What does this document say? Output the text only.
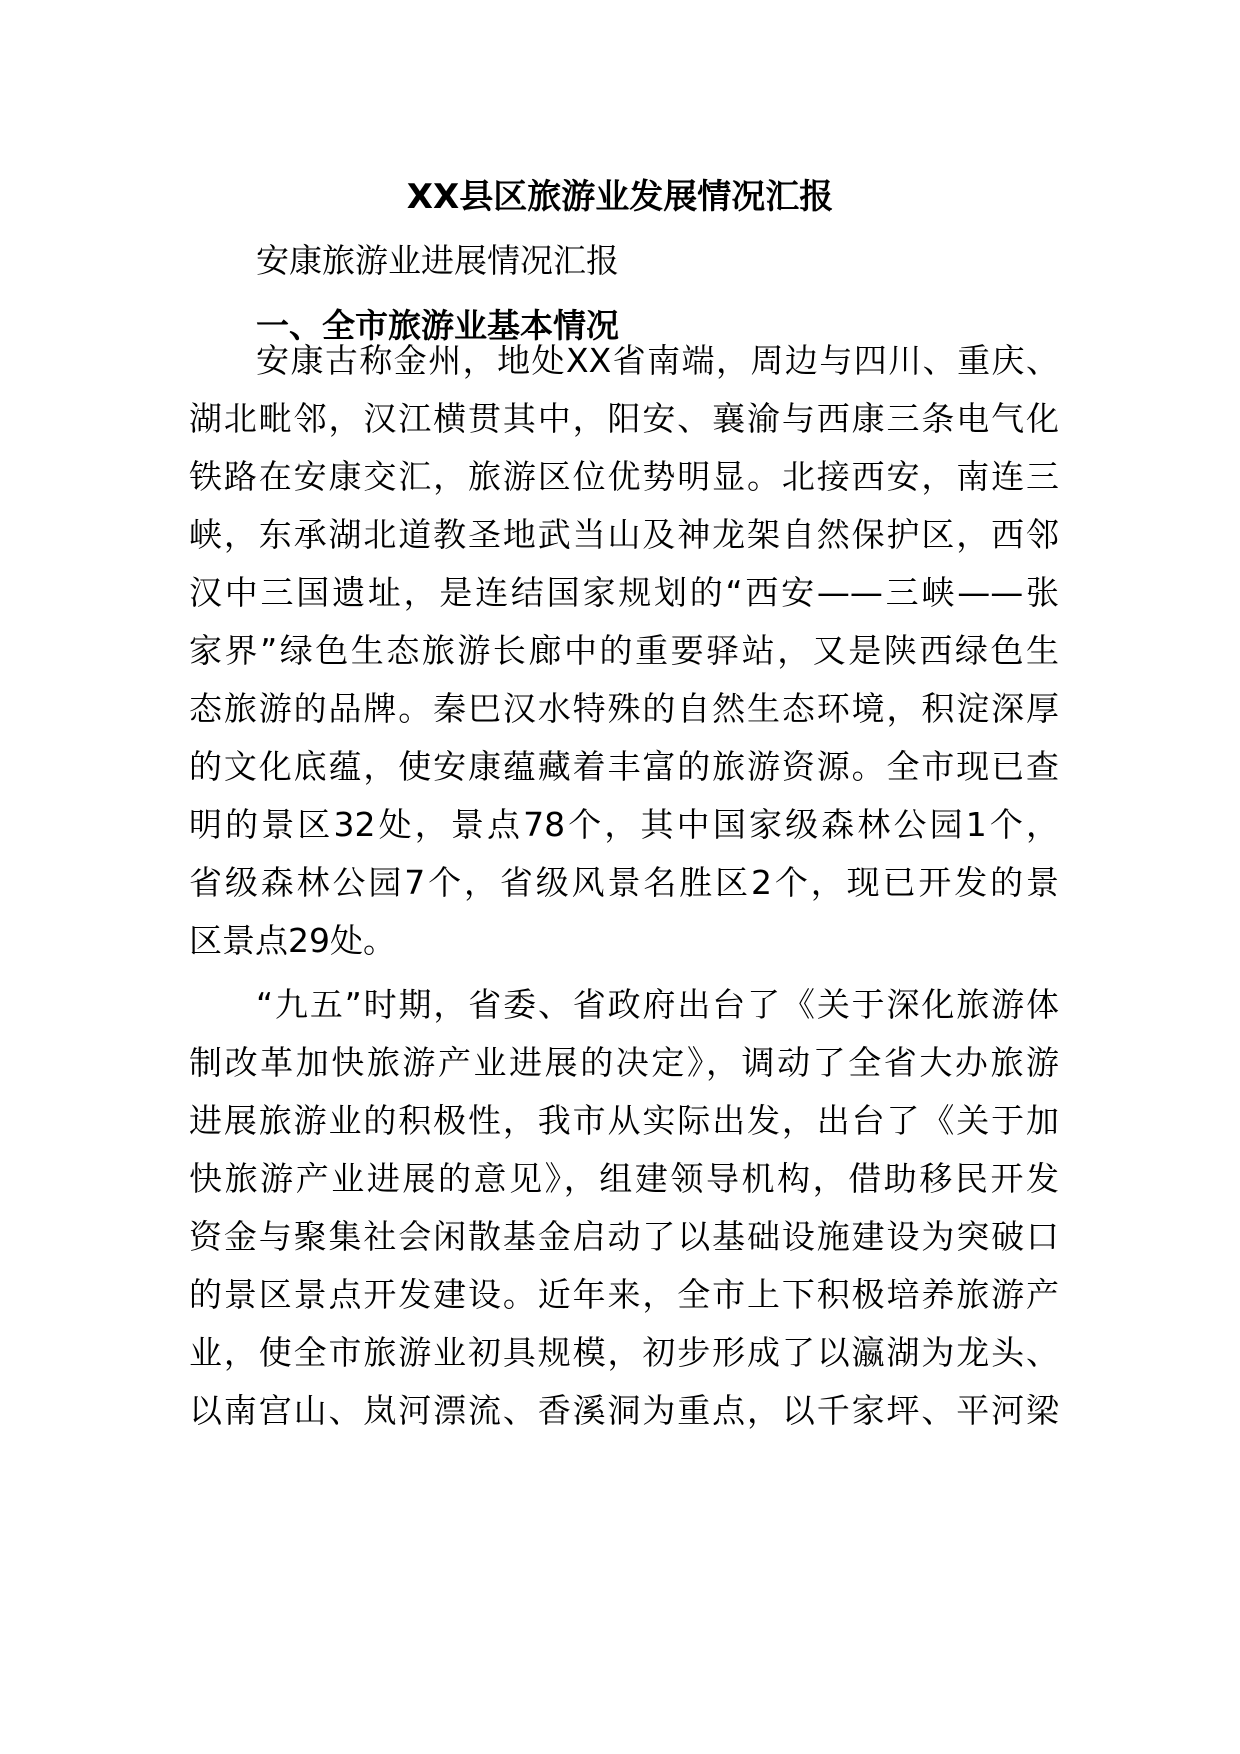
XX县区旅游业发展情况汇报

安康旅游业进展情况汇报

一、全市旅游业基本情况

安康古称金州，地处XX省南端，周边与四川、重庆、

湖北毗邻，汉江横贯其中，阳安、襄渝与西康三条电气化

铁路在安康交汇，旅游区位优势明显。北接西安，南连三

峡，东承湖北道教圣地武当山及神龙架自然保护区，西邻

汉中三国遗址，是连结国家规划的“西安——三峡——张

家界”绿色生态旅游长廊中的重要驿站，又是陕西绿色生

态旅游的品牌。秦巴汉水特殊的自然生态环境，积淀深厚

的文化底蕴，使安康蕴藏着丰富的旅游资源。全市现已查

明的景区32处，景点78个，其中国家级森林公园1个，

省级森林公园7个，省级风景名胜区2个，现已开发的景

区景点29处。

“九五”时期，省委、省政府出台了《关于深化旅游体

制改革加快旅游产业进展的决定》，调动了全省大办旅游

进展旅游业的积极性，我市从实际出发，出台了《关于加

快旅游产业进展的意见》，组建领导机构，借助移民开发

资金与聚集社会闲散基金启动了以基础设施建设为突破口

的景区景点开发建设。近年来，全市上下积极培养旅游产

业，使全市旅游业初具规模，初步形成了以瀛湖为龙头、

以南宫山、岚河漂流、香溪洞为重点，以千家坪、平河梁
